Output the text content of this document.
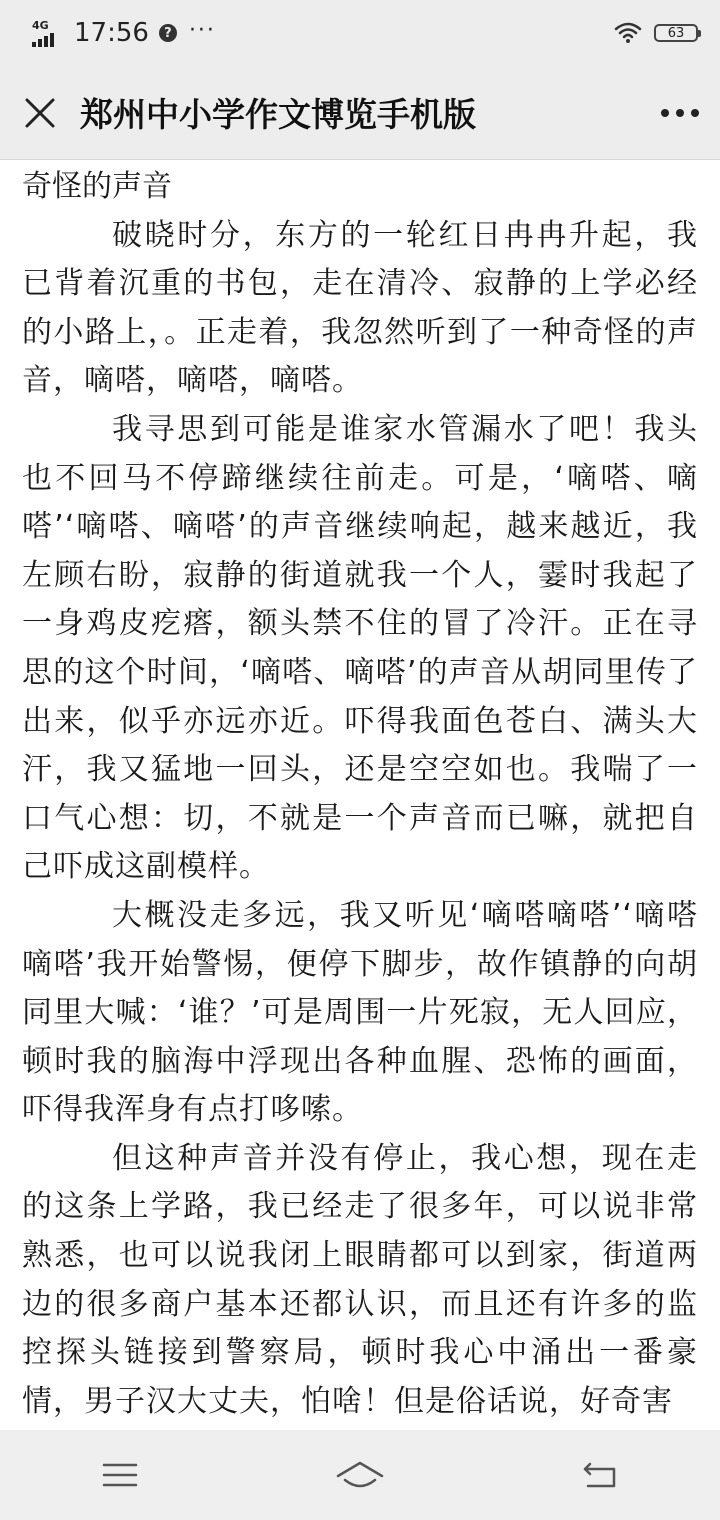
4G 17:56	? ···	63
郑州中小学作文博览手机版
奇怪的声音

破晓时分，东方的一轮红日冉冉升起，我已背着沉重的书包，走在清冷、寂静的上学必经的小路上，。正走着，我忽然听到了一种奇怪的声音，嘀嗒，嘀嗒，嘀嗒。

我寻思到可能是谁家水管漏水了吧！我头也不回马不停蹄继续往前走。可是，‘嘀嗒、嘀嗒’‘嘀嗒、嘀嗒’的声音继续响起，越来越近，我左顾右盼，寂静的街道就我一个人，霎时我起了一身鸡皮疙瘩，额头禁不住的冒了冷汗。正在寻思的这个时间，‘嘀嗒、嘀嗒’的声音从胡同里传了出来，似乎亦远亦近。吓得我面色苍白、满头大汗，我又猛地一回头，还是空空如也。我喘了一口气心想：切，不就是一个声音而已嘛，就把自己吓成这副模样。

大概没走多远，我又听见‘嘀嗒嘀嗒’‘嘀嗒嘀嗒’我开始警惕，便停下脚步，故作镇静的向胡同里大喊：‘谁？’可是周围一片死寂，无人回应，顿时我的脑海中浮现出各种血腥、恐怖的画面，吓得我浑身有点打哆嗦。

但这种声音并没有停止，我心想，现在走的这条上学路，我已经走了很多年，可以说非常熟悉，也可以说我闭上眼睛都可以到家，街道两边的很多商户基本还都认识，而且还有许多的监控探头链接到警察局，顿时我心中涌出一番豪情，男子汉大丈夫，怕啥！但是俗话说，好奇害
